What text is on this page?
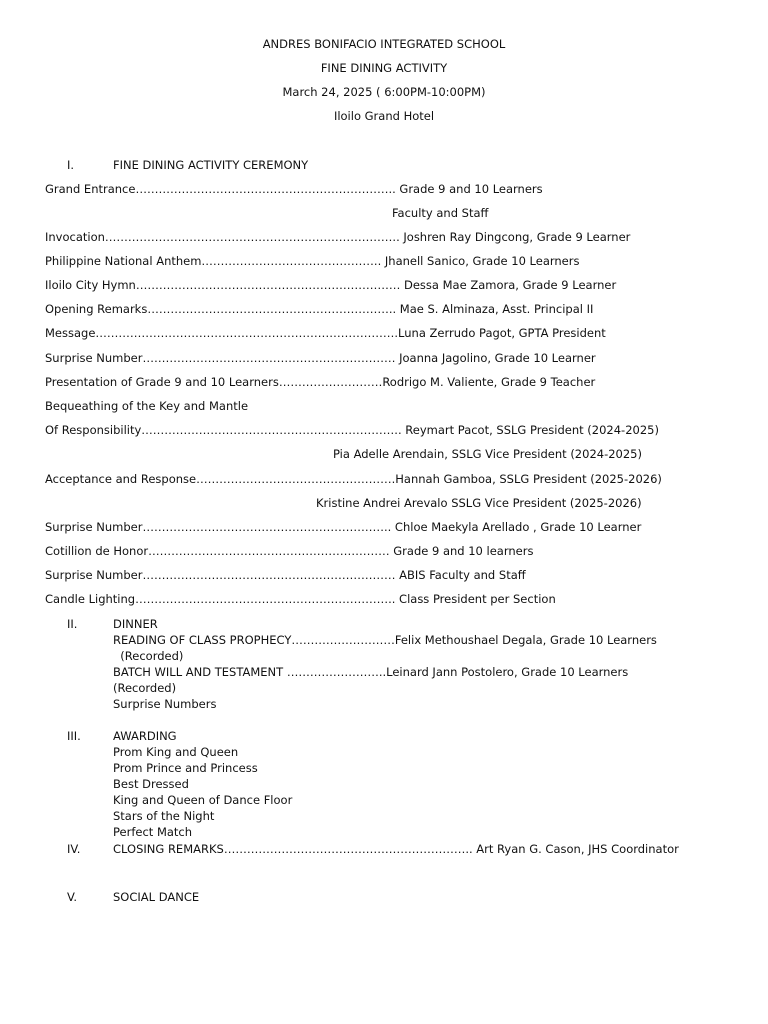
ANDRES BONIFACIO INTEGRATED SCHOOL
FINE DINING ACTIVITY
March 24, 2025 ( 6:00PM-10:00PM)
Iloilo Grand Hotel
I.	FINE DINING ACTIVITY CEREMONY
Grand Entrance………………………………………………………….. Grade 9 and 10 Learners
Faculty and Staff
Invocation………………………………………………………………….. Joshren Ray Dingcong, Grade 9 Learner
Philippine National Anthem……………………………………….. Jhanell Sanico, Grade 10 Learners
Iloilo City Hymn…………………………………………………………… Dessa Mae Zamora, Grade 9 Learner
Opening Remarks……………………………………………………….. Mae S. Alminaza, Asst. Principal II
Message…………………………………………………………………….Luna Zerrudo Pagot, GPTA President
Surprise Number………………………………………………………… Joanna Jagolino, Grade 10 Learner
Presentation of Grade 9 and 10 Learners………………………Rodrigo M. Valiente, Grade 9 Teacher
Bequeathing of the Key and Mantle
Of Responsibility………………………………………………………….. Reymart Pacot, SSLG President (2024-2025)
Pia Adelle Arendain, SSLG Vice President (2024-2025)
Acceptance and Response…………………………………………….Hannah Gamboa, SSLG President (2025-2026)
Kristine Andrei Arevalo SSLG Vice President (2025-2026)
Surprise Number……………………………………………………….. Chloe Maekyla Arellado , Grade 10 Learner
Cotillion de Honor……………………………………………………… Grade 9 and 10 learners
Surprise Number………………………………………………………… ABIS Faculty and Staff
Candle Lighting………………………………………………………….. Class President per Section
II.	DINNER
READING OF CLASS PROPHECY………………………Felix Methoushael Degala, Grade 10 Learners
(Recorded)
BATCH WILL AND TESTAMENT ……………………..Leinard Jann Postolero, Grade 10 Learners
(Recorded)
Surprise Numbers
III.	AWARDING
Prom King and Queen
Prom Prince and Princess
Best Dressed
King and Queen of Dance Floor
Stars of the Night
Perfect Match
IV.	CLOSING REMARKS……………………………………………………….. Art Ryan G. Cason, JHS Coordinator
V.	SOCIAL DANCE
